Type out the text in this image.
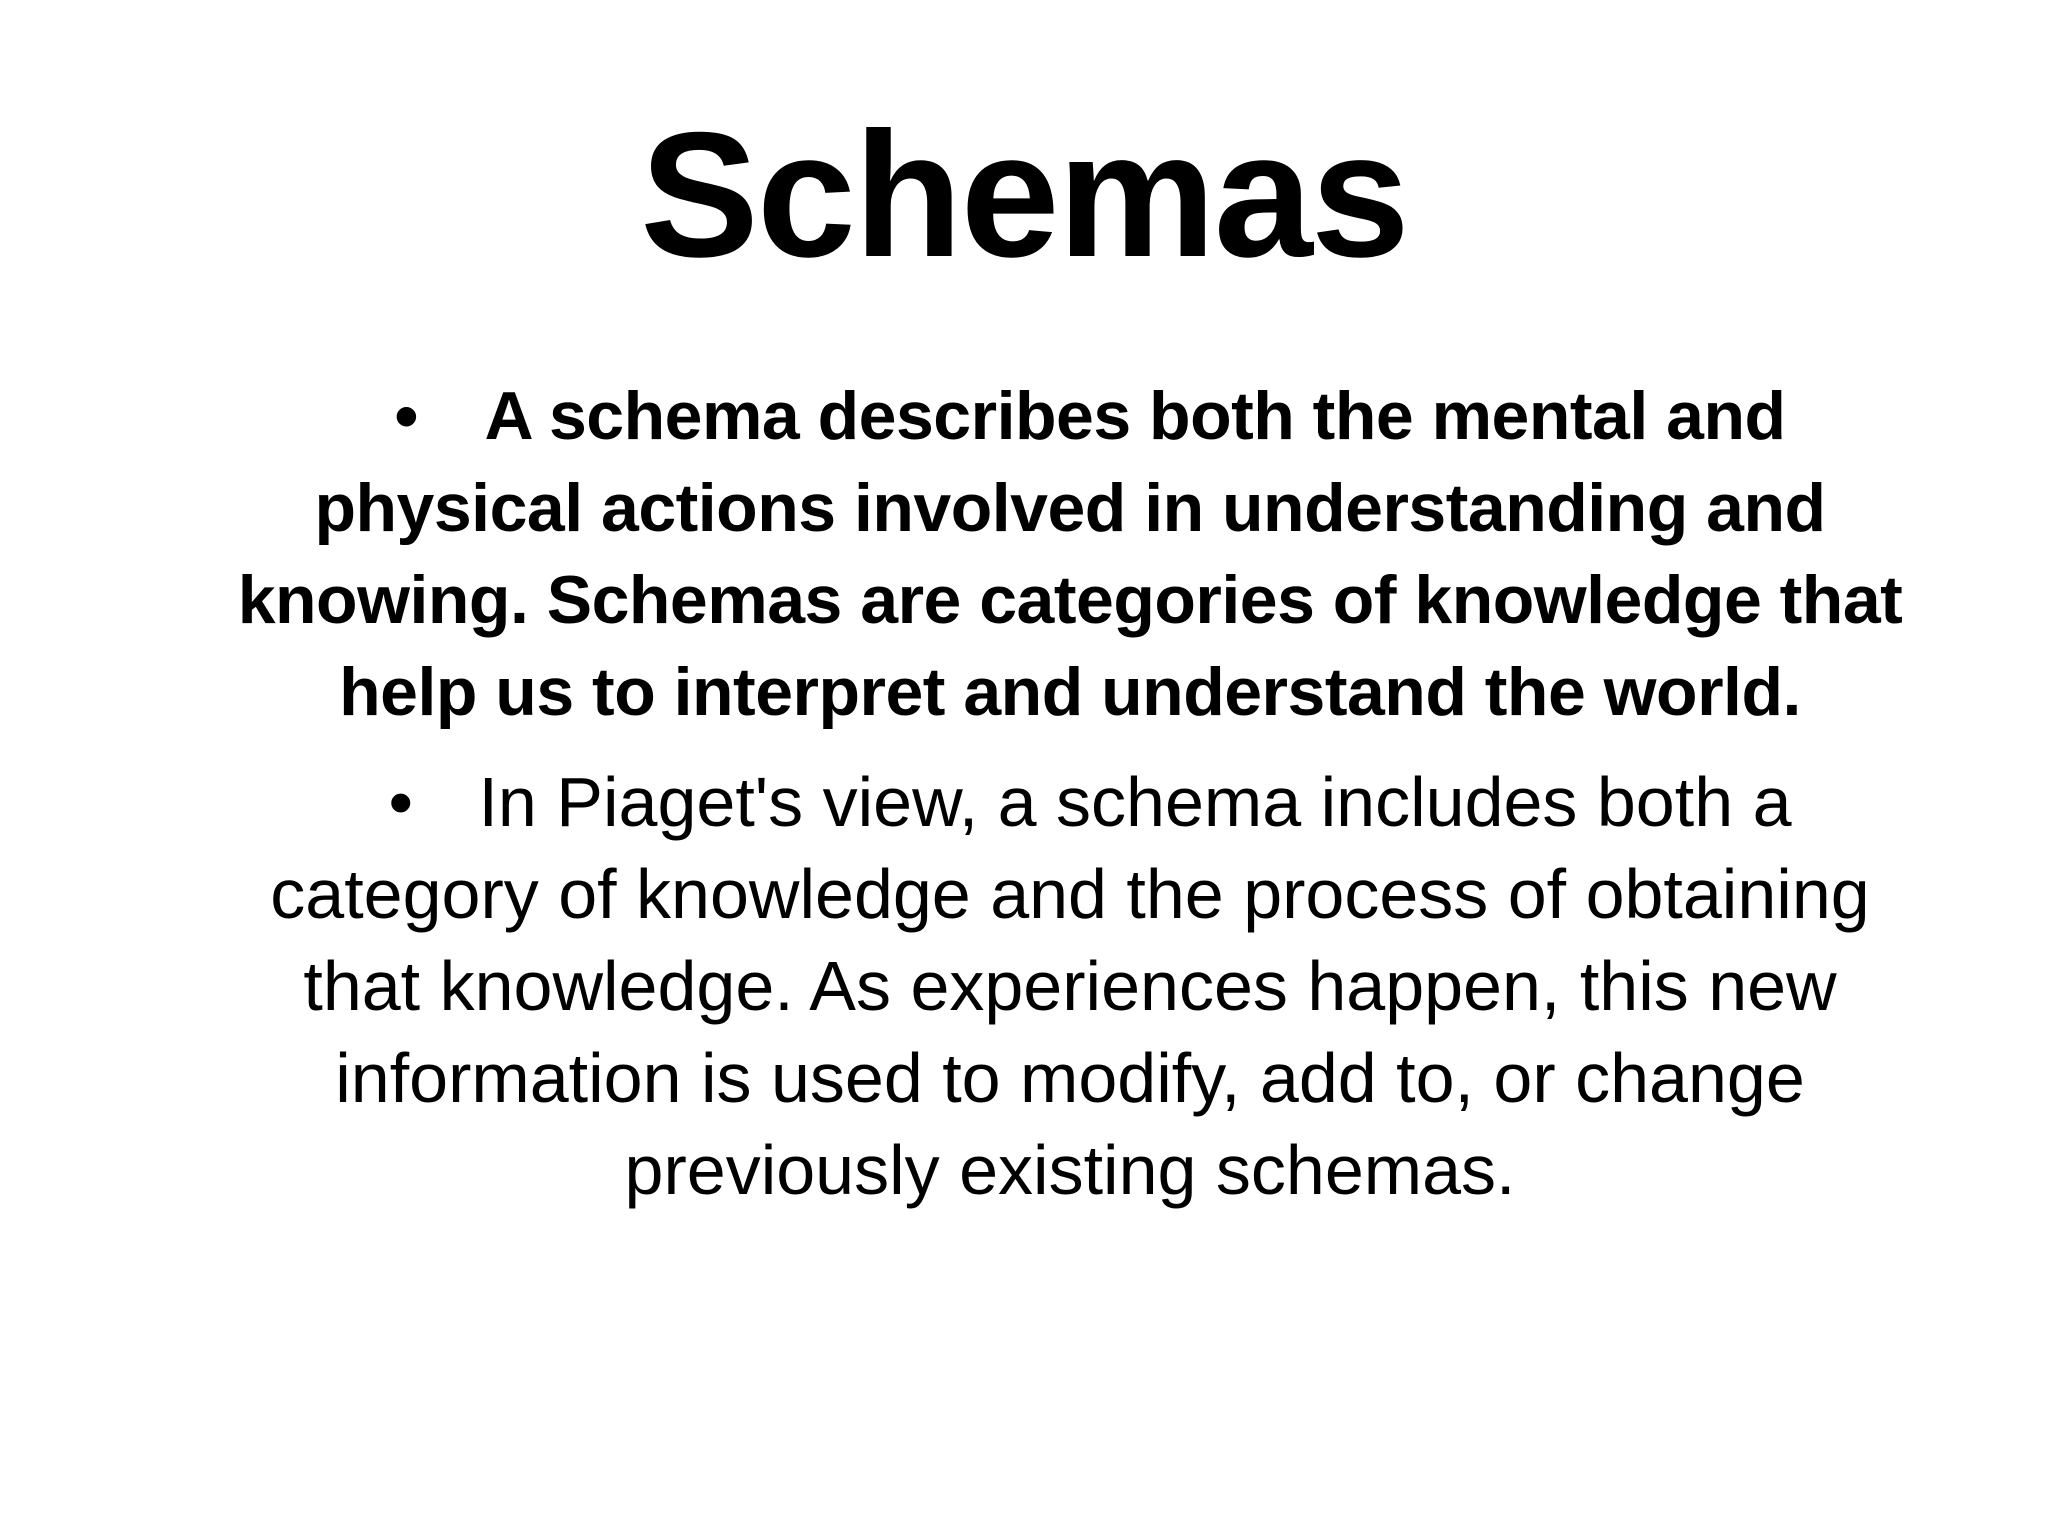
Schemas

• A schema describes both the mental and physical actions involved in understanding and knowing. Schemas are categories of knowledge that help us to interpret and understand the world.

• In Piaget's view, a schema includes both a category of knowledge and the process of obtaining that knowledge. As experiences happen, this new information is used to modify, add to, or change previously existing schemas.
